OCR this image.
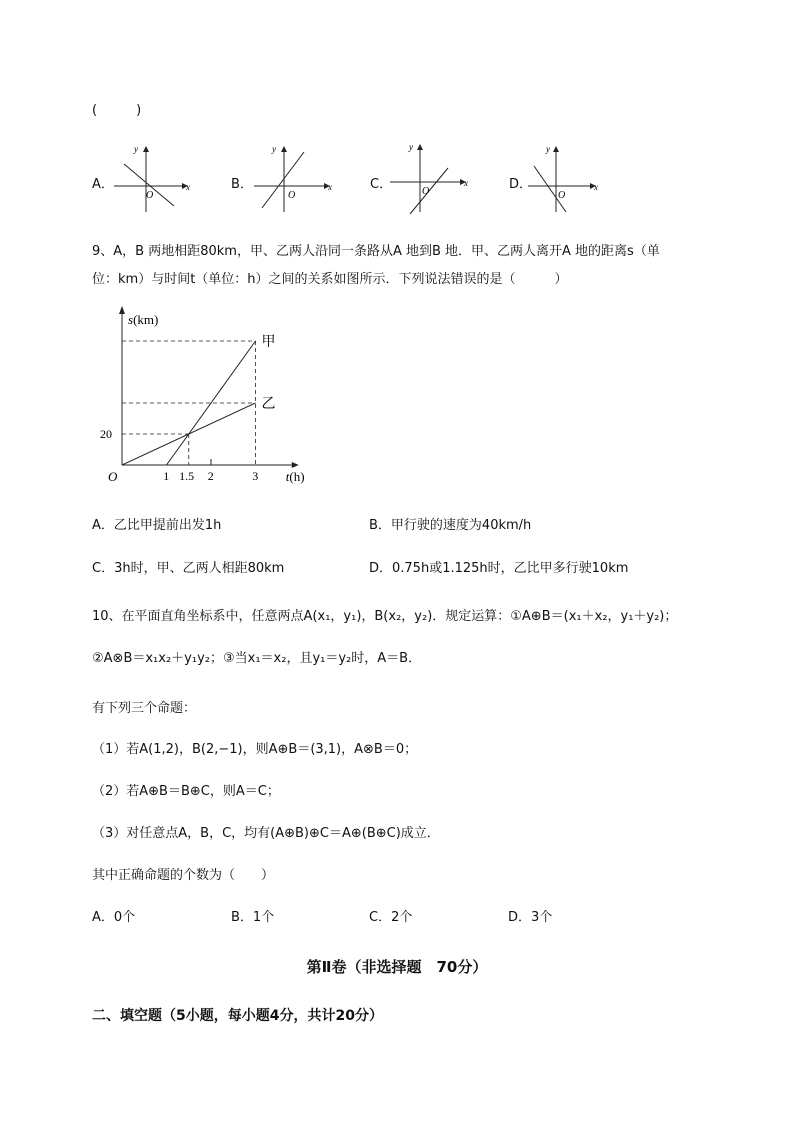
(　　　)
A．	x
y
O
B．	x
y
O
C．	x
y
O	D．	x
y
O
9、A，B 两地相距80km，甲、乙两人沿同一条路从A 地到B 地．甲、乙两人离开A 地的距离s（单
位：km）与时间t（单位：h）之间的关系如图所示．下列说法错误的是（　　　）
甲
乙
1 1.5 2	3
20
O
s(km)
t(h)
A．乙比甲提前出发1h	B．甲行驶的速度为40km/h
C．3h时，甲、乙两人相距80km	D．0.75h或1.125h时，乙比甲多行驶10km
10、在平面直角坐标系中，任意两点A(x₁，y₁)，B(x₂，y₂)．规定运算：①A⊕B＝(x₁＋x₂，y₁＋y₂)；
②A⊗B＝x₁x₂＋y₁y₂；③当x₁＝x₂，且y₁＝y₂时，A＝B．
有下列三个命题：
（1）若A(1,2)，B(2,−1)，则A⊕B＝(3,1)，A⊗B＝0；
（2）若A⊕B＝B⊕C，则A＝C；
（3）对任意点A，B，C，均有(A⊕B)⊕C＝A⊕(B⊕C)成立．
其中正确命题的个数为（　　）
A．0个	B．1个	C．2个	D．3个
第Ⅱ卷（非选择题　70分）
二、填空题（5小题，每小题4分，共计20分）
